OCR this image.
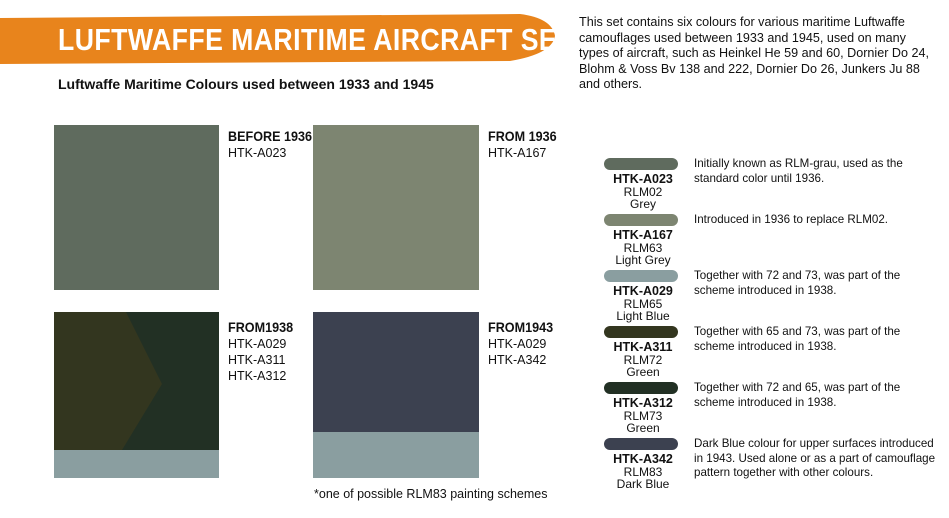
LUFTWAFFE MARITIME AIRCRAFT SET
Luftwaffe Maritime Colours used between 1933 and 1945
This set contains six colours for various maritime Luftwaffe camouflages used between 1933 and 1945, used on many types of aircraft, such as Heinkel He 59 and 60, Dornier Do 24, Blohm & Voss Bv 138 and 222, Dornier Do 26, Junkers Ju 88 and others.
BEFORE 1936
HTK-A023
FROM 1936
HTK-A167
FROM1938
HTK-A029
HTK-A311
HTK-A312
FROM1943
HTK-A029
HTK-A342
*one of possible RLM83 painting schemes
HTK-A023
RLM02
Grey
Initially known as RLM-grau, used as the standard color until 1936.
HTK-A167
RLM63
Light Grey
Introduced in 1936 to replace RLM02.
HTK-A029
RLM65
Light Blue
Together with 72 and 73, was part of the scheme introduced in 1938.
HTK-A311
RLM72
Green
Together with 65 and 73, was part of the scheme introduced in 1938.
HTK-A312
RLM73
Green
Together with 72 and 65, was part of the scheme introduced in 1938.
HTK-A342
RLM83
Dark Blue
Dark Blue colour for upper surfaces introduced in 1943. Used alone or as a part of camouflage pattern together with other colours.
